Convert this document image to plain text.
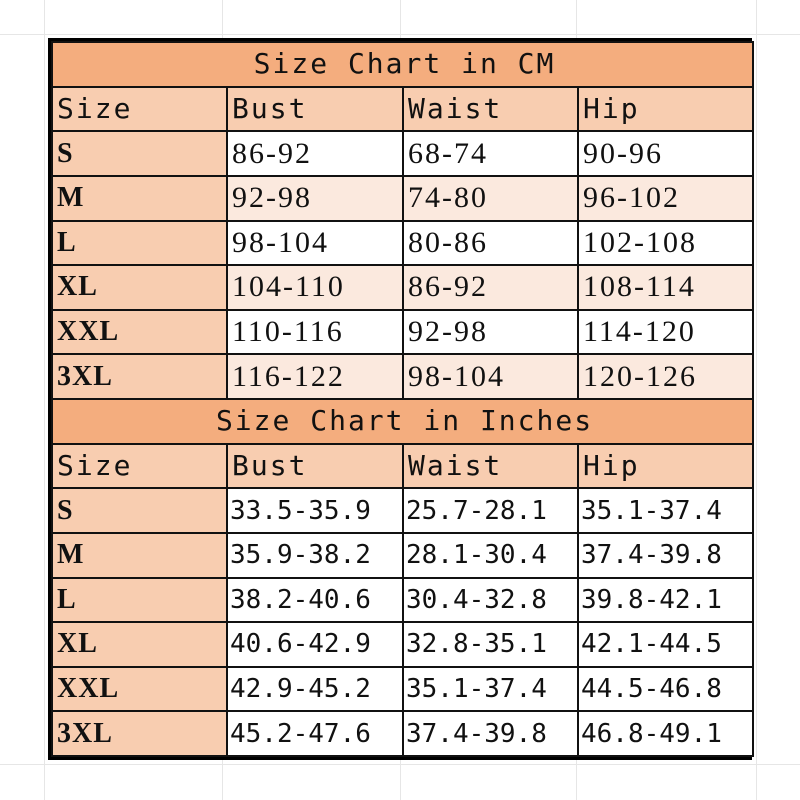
Size Chart in CM			
Size	Bust	Waist	Hip
S	86-92	68-74	90-96
M	92-98	74-80	96-102
L	98-104	80-86	102-108
XL	104-110	86-92	108-114
XXL	110-116	92-98	114-120
3XL	116-122	98-104	120-126
Size Chart in Inches			
Size	Bust	Waist	Hip
S	33.5-35.9	25.7-28.1	35.1-37.4
M	35.9-38.2	28.1-30.4	37.4-39.8
L	38.2-40.6	30.4-32.8	39.8-42.1
XL	40.6-42.9	32.8-35.1	42.1-44.5
XXL	42.9-45.2	35.1-37.4	44.5-46.8
3XL	45.2-47.6	37.4-39.8	46.8-49.1
